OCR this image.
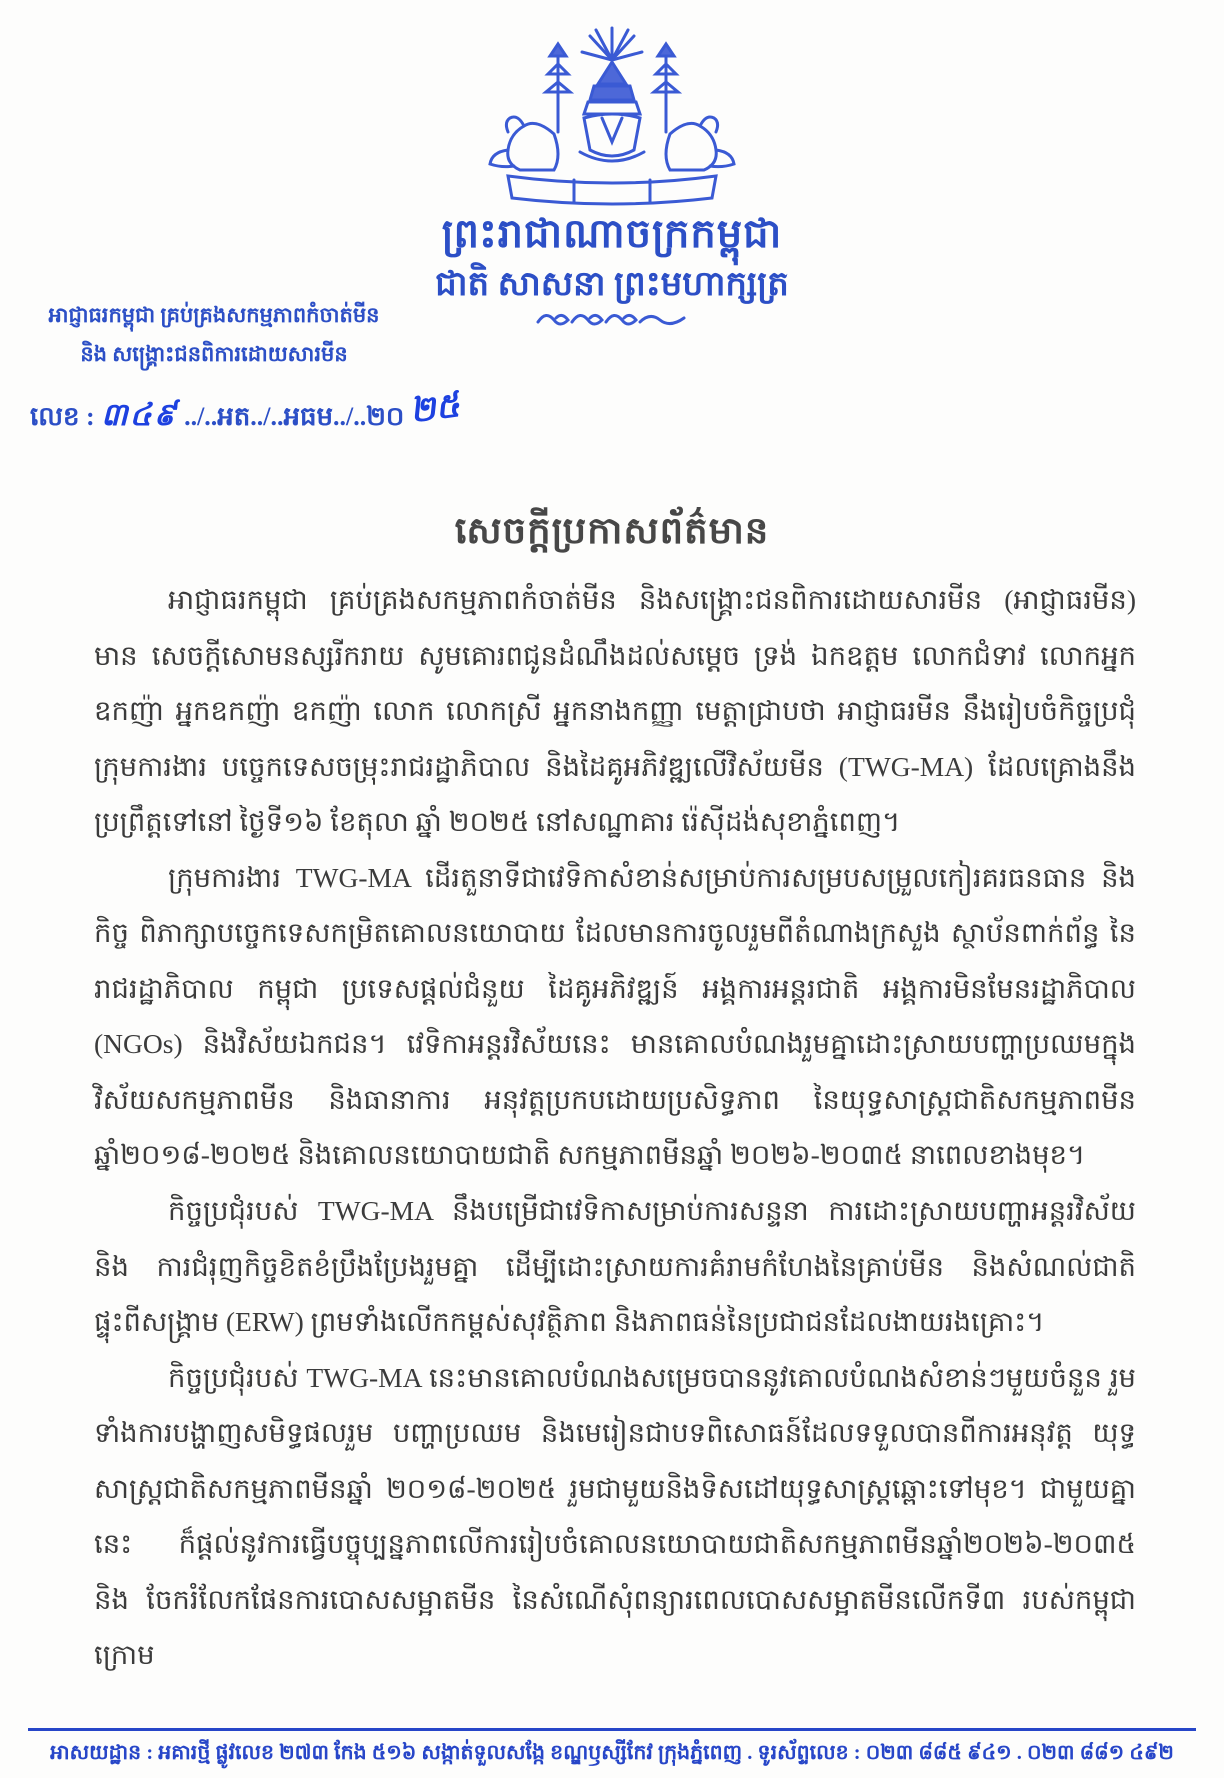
ព្រះរាជាណាចក្រកម្ពុជា
ជាតិ សាសនា ព្រះមហាក្សត្រ
អាជ្ញាធរកម្ពុជា គ្រប់គ្រងសកម្មភាពកំចាត់មីន
និង សង្គ្រោះជនពិការដោយសារមីន
លេខ : ៣៤៩ ../..អត../..អធម../..២០ ២៥
សេចក្តីប្រកាសព័ត៌មាន

អាជ្ញាធរកម្ពុជា គ្រប់គ្រងសកម្មភាពកំចាត់មីន និងសង្គ្រោះជនពិការដោយសារមីន (អាជ្ញាធរមីន) មាន សេចក្តីសោមនស្សរីករាយ សូមគោរពជូនដំណឹងដល់សម្តេច ទ្រង់ ឯកឧត្តម លោកជំទាវ លោកអ្នកឧកញ៉ា អ្នកឧកញ៉ា ឧកញ៉ា លោក លោកស្រី អ្នកនាងកញ្ញា មេត្តាជ្រាបថា អាជ្ញាធរមីន នឹងរៀបចំកិច្ចប្រជុំក្រុមការងារ បច្ចេកទេសចម្រុះរាជរដ្ឋាភិបាល និងដៃគូអភិវឌ្ឍលើវិស័យមីន (TWG-MA) ដែលគ្រោងនឹងប្រព្រឹត្តទៅនៅ ថ្ងៃទី១៦ ខែតុលា ឆ្នាំ ២០២៥ នៅសណ្ឋាគារ រ៉េស៊ីដង់សុខាភ្នំពេញ។

ក្រុមការងារ TWG-MA ដើរតួនាទីជាវេទិកាសំខាន់សម្រាប់ការសម្របសម្រួលកៀរគរធនធាន និងកិច្ច ពិភាក្សាបច្ចេកទេសកម្រិតគោលនយោបាយ ដែលមានការចូលរួមពីតំណាងក្រសួង ស្ថាប័នពាក់ព័ន្ធ នៃរាជរដ្ឋាភិបាល កម្ពុជា ប្រទេសផ្តល់ជំនួយ ដៃគូអភិវឌ្ឍន៍ អង្គការអន្តរជាតិ អង្គការមិនមែនរដ្ឋាភិបាល (NGOs) និងវិស័យឯកជន។ វេទិកាអន្តរវិស័យនេះ មានគោលបំណងរួមគ្នាដោះស្រាយបញ្ហាប្រឈមក្នុងវិស័យសកម្មភាពមីន និងធានាការ អនុវត្តប្រកបដោយប្រសិទ្ធភាព នៃយុទ្ធសាស្ត្រជាតិសកម្មភាពមីនឆ្នាំ២០១៨-២០២៥ និងគោលនយោបាយជាតិ សកម្មភាពមីនឆ្នាំ ២០២៦-២០៣៥ នាពេលខាងមុខ។

កិច្ចប្រជុំរបស់ TWG-MA នឹងបម្រើជាវេទិកាសម្រាប់ការសន្ទនា ការដោះស្រាយបញ្ហាអន្តរវិស័យ និង ការជំរុញកិច្ចខិតខំប្រឹងប្រែងរួមគ្នា ដើម្បីដោះស្រាយការគំរាមកំហែងនៃគ្រាប់មីន និងសំណល់ជាតិផ្ទុះពីសង្គ្រាម (ERW) ព្រមទាំងលើកកម្ពស់សុវត្ថិភាព និងភាពធន់នៃប្រជាជនដែលងាយរងគ្រោះ។

កិច្ចប្រជុំរបស់ TWG-MA នេះមានគោលបំណងសម្រេចបាននូវគោលបំណងសំខាន់ៗមួយចំនួន រួមទាំងការបង្ហាញសមិទ្ធផលរួម បញ្ហាប្រឈម និងមេរៀនជាបទពិសោធន៍ដែលទទួលបានពីការអនុវត្ត យុទ្ធសាស្ត្រជាតិសកម្មភាពមីនឆ្នាំ ២០១៨-២០២៥ រួមជាមួយនិងទិសដៅយុទ្ធសាស្ត្រឆ្ពោះទៅមុខ។ ជាមួយគ្នា នេះ ក៏ផ្តល់នូវការធ្វើបច្ចុប្បន្នភាពលើការរៀបចំគោលនយោបាយជាតិសកម្មភាពមីនឆ្នាំ២០២៦-២០៣៥ និង ចែករំលែកផែនការបោសសម្អាតមីន នៃសំណើសុំពន្យារពេលបោសសម្អាតមីនលើកទី៣ របស់កម្ពុជា ក្រោម

អាសយដ្ឋាន : អគារថ្មី ផ្លូវលេខ ២៧៣ កែង ៥១៦ សង្កាត់ទួលសង្កែ ខណ្ឌឫស្សីកែវ ក្រុងភ្នំពេញ . ទូរស័ព្ទលេខ : ០២៣ ៨៨៥ ៩៤១ . ០២៣ ៨៨១ ៤៩២
